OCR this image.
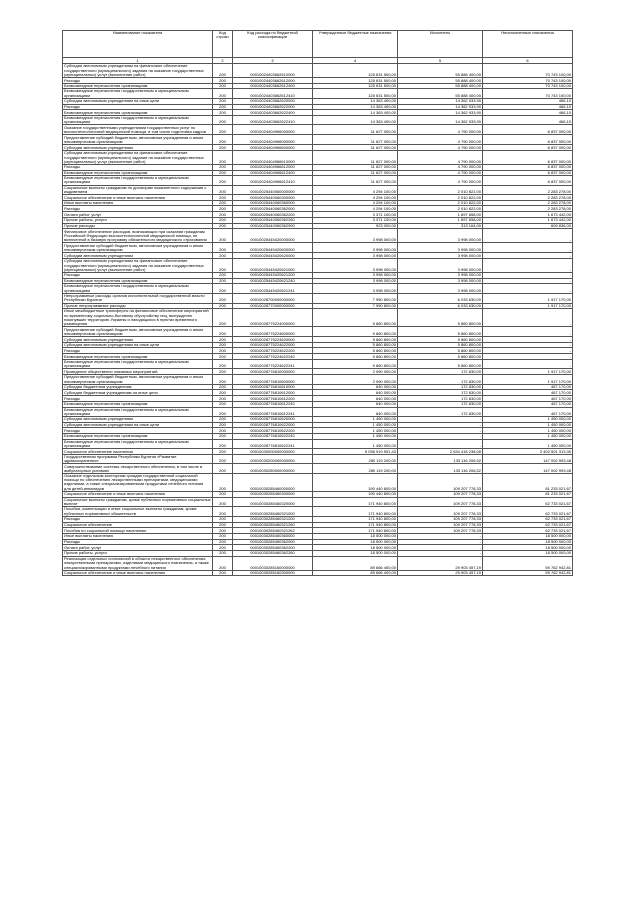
Наименование показателя	Код строки	Код расхода по бюджетной классификации	Утвержденные бюджетные назначения	Исполнено	Неисполненные назначения
1	2	3	4	5	6
Субсидии автономным учреждениям на финансовое обеспечение государственного (муниципального) задания на оказание государственных (муниципальных) услуг (выполнение работ)	200	00010024403662610000	125 631 500,00	55 888 400,00	70 743 100,00
Расходы	200	00010024403662612000	125 631 500,00	55 888 400,00	70 743 100,00
Безвозмездные перечисления организациям	200	00010024403662612400	125 631 500,00	55 888 400,00	70 743 100,00
Безвозмездные перечисления государственным и муниципальным организациям	200	00010024403662612410	125 631 500,00	55 888 400,00	70 743 100,00
Субсидии автономным учреждениям на иные цели	200	00010024403662620000	14 363 400,00	14 362 933,90	466,10
Расходы	200	00010024403662622000	14 363 400,00	14 362 933,90	466,10
Безвозмездные перечисления организациям	200	00010024403662622400	14 363 400,00	14 362 933,90	466,10
Безвозмездные перечисления государственным и муниципальным организациям	200	00010024403662622410	14 363 400,00	14 362 933,90	466,10
Оказание государственными учреждениями государственных услуг по высокотехнологичной медицинской помощи, в том числе подготовка кадров	200	00010024404966000000	11 627 000,00	4 790 000,00	6 837 000,00
Предоставление субсидий бюджетным, автономным учреждениям и иным некоммерческим организациям	200	00010024404966000000	11 627 000,00	4 790 000,00	6 837 000,00
Субсидии автономным учреждениям	200	00010024404966600000	11 627 000,00	4 790 000,00	6 837 000,00
Субсидии автономным учреждениям на финансовое обеспечение государственного (муниципального) задания на оказание государственных (муниципальных) услуг (выполнение работ)	200	00010024404966610000	11 627 000,00	4 790 000,00	6 837 000,00
Расходы	200	00010024404966612000	11 627 000,00	4 790 000,00	6 837 000,00
Безвозмездные перечисления организациям	200	00010024404966612400	11 627 000,00	4 790 000,00	6 837 000,00
Безвозмездные перечисления государственным и муниципальным организациям	200	00010024404966612410	11 627 000,00	4 790 000,00	6 837 000,00
Социальные выплаты гражданам по договорам пожизненного содержания с иждивением	200	00010025440060000000	4 294 100,00	2 010 822,00	2 283 278,00
Социальное обеспечение и иные выплаты населению	200	00010025440060300000	4 294 100,00	2 010 822,00	2 283 278,00
Иные выплаты населению	200	00010025440060360000	4 294 100,00	2 010 822,00	2 283 278,00
Расходы	200	00010025440060362000	4 294 100,00	2 010 822,00	2 283 278,00
Оплата работ, услуг	200	00010025440060362200	3 371 100,00	1 697 658,00	1 673 442,00
Прочие работы, услуги	200	00010025440060362260	3 371 100,00	1 697 658,00	1 673 442,00
Прочие расходы	200	00010025440060362900	923 000,00	313 164,00	609 836,00
Финансовое обеспечение расходов, возникающих при оказании гражданам Российской Федерации высокотехнологичной медицинской помощи, не включенной в базовую программу обязательного медицинского страхования	200	00010025445420000000	3 998 000,00	3 998 000,00	-
Предоставление субсидий бюджетным, автономным учреждениям и иным некоммерческим организациям	200	00010025445420600000	3 998 000,00	3 998 000,00	-
Субсидии автономным учреждениям	200	00010025445420620000	3 998 000,00	3 998 000,00	-
Субсидии автономным учреждениям на финансовое обеспечение государственного (муниципального) задания на оказание государственных (муниципальных) услуг (выполнение работ)	200	00010025445420621000	3 998 000,00	3 998 000,00	-
Расходы	200	00010025445420621200	3 998 000,00	3 998 000,00	-
Безвозмездные перечисления организациям	200	00010025445420621240	3 998 000,00	3 998 000,00	-
Безвозмездные перечисления государственным и муниципальным организациям	200	00010025445420621241	3 998 000,00	3 998 000,00	-
Непрограммные расходы органов исполнительной государственной власти Республики Бурятия	200	00010028700000000000	7 950 800,00	6 033 630,00	1 917 170,00
Прочие непрограммные расходы	200	00010028770000000000	7 950 800,00	6 033 630,00	1 917 170,00
Иные межбюджетные трансферты на финансовое обеспечение мероприятий по временному социально-бытовому обустройству лиц, вынужденно покинувших территорию Украины и находящихся в пунктах временного размещения	200	00010028775224000000	5 860 800,00	5 860 800,00	-
Предоставление субсидий бюджетным, автономным учреждениям и иным некоммерческим организациям	200	00010028775224600000	5 860 800,00	5 860 800,00	-
Субсидии автономным учреждениям	200	00010028775224620000	5 860 800,00	5 860 800,00	-
Субсидии автономным учреждениям на иные цели	200	00010028775224622000	5 860 800,00	5 860 800,00	-
Расходы	200	00010028775224622200	5 860 800,00	5 860 800,00	-
Безвозмездные перечисления организациям	200	00010028775224622240	5 860 800,00	5 860 800,00	-
Безвозмездные перечисления государственным и муниципальным организациям	200	00010028775224622241	5 860 800,00	5 860 800,00	-
Проведение общественно значимых мероприятий	200	00010028776810000000	2 090 000,00	172 830,00	1 917 170,00
Предоставление субсидий бюджетным, автономным учреждениям и иным некоммерческим организациям	200	00010028776810600000	2 090 000,00	172 830,00	1 917 170,00
Субсидии бюджетным учреждениям	200	00010028776810610000	640 000,00	172 830,00	467 170,00
Субсидии бюджетным учреждениям на иные цели	200	00010028776810612000	640 000,00	172 830,00	467 170,00
Расходы	200	00010028776810612200	640 000,00	172 830,00	467 170,00
Безвозмездные перечисления организациям	200	00010028776810612240	640 000,00	172 830,00	467 170,00
Безвозмездные перечисления государственным и муниципальным организациям	200	00010028776810612241	640 000,00	172 830,00	467 170,00
Субсидии автономным учреждениям	200	00010028776810620000	1 450 000,00	-	1 450 000,00
Субсидии автономным учреждениям на иные цели	200	00010028776810622000	1 450 000,00	-	1 450 000,00
Расходы	200	00010028776810622200	1 450 000,00	-	1 450 000,00
Безвозмездные перечисления организациям	200	00010028776810622240	1 450 000,00	-	1 450 000,00
Безвозмездные перечисления государственным и муниципальным организациям	200	00010028776810622241	1 450 000,00	-	1 450 000,00
Социальное обеспечение населения	200	00010030000000000000	5 036 919 551,43	2 634 418 238,08	2 402 501 313,35
Государственная программа Республики Бурятия «Развитие здравоохранения»	200	00010030200000000000	280 119 200,00	133 116 206,52	147 002 993,48
Совершенствование системы лекарственного обеспечения, в том числе в амбулаторных условиях	200	00010030280000000000	280 119 200,00	133 116 206,52	147 002 993,48
Оказание отдельным категориям граждан государственной социальной помощи по обеспечению лекарственными препаратами, медицинскими изделиями, а также специализированными продуктами лечебного питания для детей-инвалидов	200	00010030285460000000	190 440 800,00	109 207 778,33	81 233 021,67
Социальное обеспечение и иные выплаты населению	200	00010030285460300000	190 440 800,00	109 207 778,33	81 233 021,67
Социальные выплаты гражданам, кроме публичных нормативных социальных выплат	200	00010030285460320000	171 940 800,00	109 207 778,33	62 733 021,67
Пособия, компенсации и иные социальные выплаты гражданам, кроме публичных нормативных обязательств	200	00010030285460321000	171 940 800,00	109 207 778,33	62 733 021,67
Расходы	200	00010030285460321200	171 940 800,00	109 207 778,33	62 733 021,67
Социальное обеспечение	200	00010030285460321260	171 940 800,00	109 207 778,33	62 733 021,67
Пособия по социальной помощи населению	200	00010030285460321262	171 940 800,00	109 207 778,33	62 733 021,67
Иные выплаты населению	200	00010030285460360000	18 500 000,00	-	18 500 000,00
Расходы	200	00010030285460362000	18 500 000,00	-	18 500 000,00
Оплата работ, услуг	200	00010030285460362200	18 500 000,00	-	18 500 000,00
Прочие работы, услуги	200	00010030285460362260	18 500 000,00	-	18 500 000,00
Реализация отдельных полномочий в области лекарственного обеспечения лекарственными препаратами, изделиями медицинского назначения, а также специализированными продуктами лечебного питания	200	00010030285160000000	89 666 400,00	29 903 457,19	59 762 942,81
Социальное обеспечение и иные выплаты населению	200	00010030285160300000	89 666 400,00	29 903 457,19	59 762 942,81
